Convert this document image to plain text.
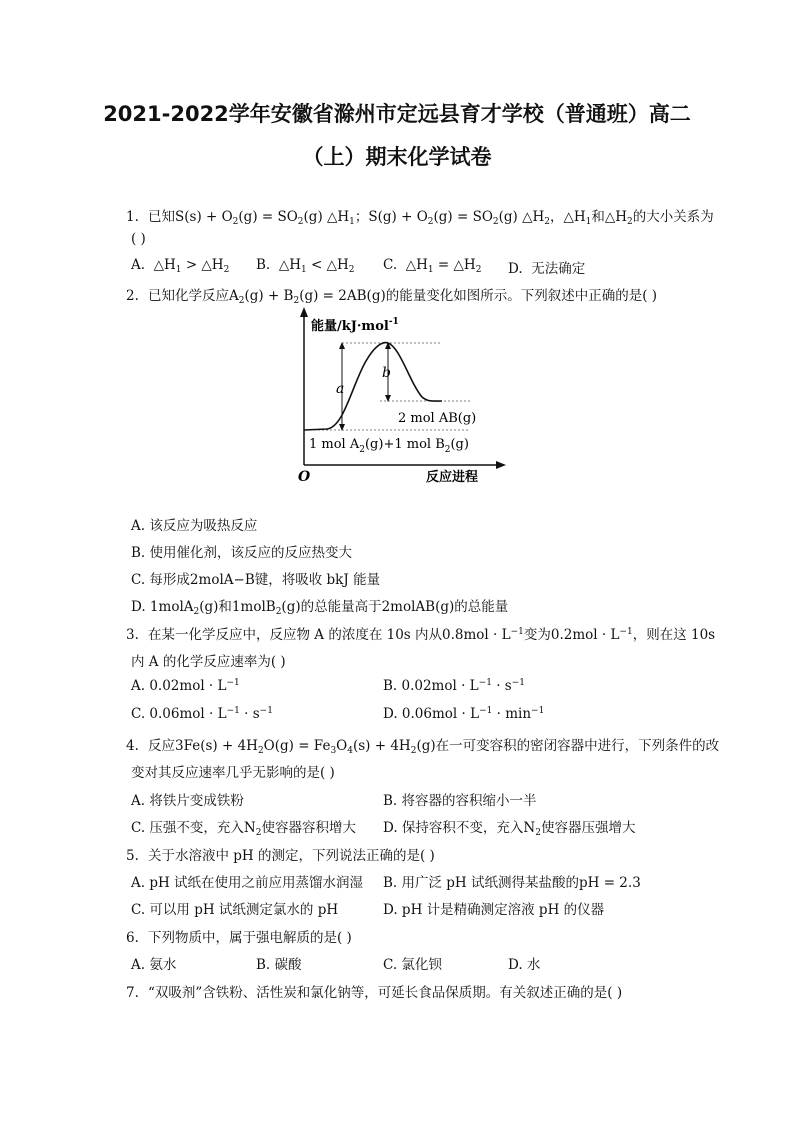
2021-2022学年安徽省滁州市定远县育才学校（普通班）高二
（上）期末化学试卷
1. 已知$S(s) + O_2(g) = SO_2(g)$ $\triangle H_1$；$S(g) + O_2(g) = SO_2(g)$ $\triangle H_2$，$\triangle H_1$和$\triangle H_2$的大小关系为
( )
A. $\triangle H_1$ > $\triangle H_2$ B. $\triangle H_1$ < $\triangle H_2$ C. $\triangle H_1$ = $\triangle H_2$ D. 无法确定
2. 已知化学反应$A_2(g) + B_2(g) = 2AB(g)$的能量变化如图所示。下列叙述中正确的是( )
a
b
能量/kJ·mol$^{-1}$
2 mol AB(g)
1 mol $A_2(g)+1$ mol $B_2(g)$
O	反应进程
A. 该反应为吸热反应
B. 使用催化剂，该反应的反应热变大
C. 每形成2molA−B键，将吸收 bkJ 能量
D. 1molA$_2$(g)和1molB$_2$(g)的总能量高于2molAB(g)的总能量
3. 在某一化学反应中，反应物 A 的浓度在 10s 内从$0.8mol \cdot L^{-1}$变为$0.2mol \cdot L^{-1}$，则在这 10s
内 A 的化学反应速率为( )
A. $0.02mol \cdot L^{-1}$	B. $0.02mol \cdot L^{-1} \cdot s^{-1}$
C. $0.06mol \cdot L^{-1} \cdot s^{-1}$	D. $0.06mol \cdot L^{-1} \cdot \min^{-1}$
4. 反应$3Fe(s) + 4H_2O(g) = Fe_3O_4(s) + 4H_2(g)$在一可变容积的密闭容器中进行，下列条件的改
变对其反应速率几乎无影响的是( )
A. 将铁片变成铁粉	B. 将容器的容积缩小一半
C. 压强不变，充入$N_2$使容器容积增大 D. 保持容积不变，充入$N_2$使容器压强增大
5. 关于水溶液中 pH 的测定，下列说法正确的是( )
A. pH 试纸在使用之前应用蒸馏水润湿 B. 用广泛 pH 试纸测得某盐酸的pH = 2.3
C. 可以用 pH 试纸测定氯水的 pH	D. pH 计是精确测定溶液 pH 的仪器
6. 下列物质中，属于强电解质的是( )
A. 氨水	B. 碳酸	C. 氯化钡	D. 水
7. “双吸剂”含铁粉、活性炭和氯化钠等，可延长食品保质期。有关叙述正确的是( )
